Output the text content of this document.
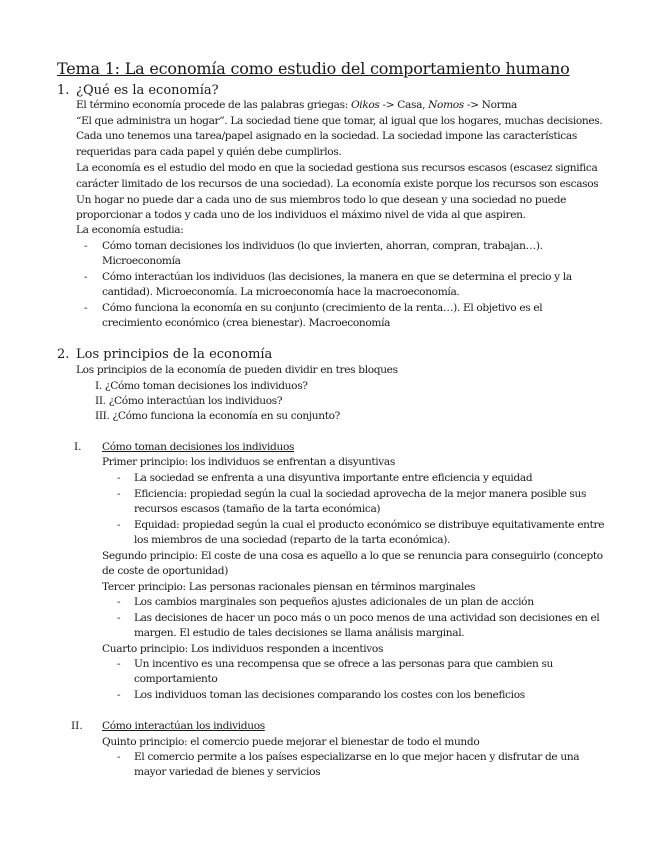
Tema 1: La economía como estudio del comportamiento humano
1. ¿Qué es la economía?
El término economía procede de las palabras griegas: Oikos -> Casa, Nomos -> Norma
“El que administra un hogar”. La sociedad tiene que tomar, al igual que los hogares, muchas decisiones.
Cada uno tenemos una tarea/papel asignado en la sociedad. La sociedad impone las características
requeridas para cada papel y quién debe cumplirlos.
La economía es el estudio del modo en que la sociedad gestiona sus recursos escasos (escasez significa
carácter limitado de los recursos de una sociedad). La economía existe porque los recursos son escasos
Un hogar no puede dar a cada uno de sus miembros todo lo que desean y una sociedad no puede
proporcionar a todos y cada uno de los individuos el máximo nivel de vida al que aspiren.
La economía estudia:
- Cómo toman decisiones los individuos (lo que invierten, ahorran, compran, trabajan…).
Microeconomía
- Cómo interactúan los individuos (las decisiones, la manera en que se determina el precio y la
cantidad). Microeconomía. La microeconomía hace la macroeconomía.
- Cómo funciona la economía en su conjunto (crecimiento de la renta…). El objetivo es el
crecimiento económico (crea bienestar). Macroeconomía
2. Los principios de la economía
Los principios de la economía de pueden dividir en tres bloques
I. ¿Cómo toman decisiones los individuos?
II. ¿Cómo interactúan los individuos?
III. ¿Cómo funciona la economía en su conjunto?
I. Cómo toman decisiones los individuos
Primer principio: los individuos se enfrentan a disyuntivas
- La sociedad se enfrenta a una disyuntiva importante entre eficiencia y equidad
- Eficiencia: propiedad según la cual la sociedad aprovecha de la mejor manera posible sus
recursos escasos (tamaño de la tarta económica)
- Equidad: propiedad según la cual el producto económico se distribuye equitativamente entre
los miembros de una sociedad (reparto de la tarta económica).
Segundo principio: El coste de una cosa es aquello a lo que se renuncia para conseguirlo (concepto
de coste de oportunidad)
Tercer principio: Las personas racionales piensan en términos marginales
- Los cambios marginales son pequeños ajustes adicionales de un plan de acción
- Las decisiones de hacer un poco más o un poco menos de una actividad son decisiones en el
margen. El estudio de tales decisiones se llama análisis marginal.
Cuarto principio: Los individuos responden a incentivos
- Un incentivo es una recompensa que se ofrece a las personas para que cambien su
comportamiento
- Los individuos toman las decisiones comparando los costes con los beneficios
II. Cómo interactúan los individuos
Quinto principio: el comercio puede mejorar el bienestar de todo el mundo
- El comercio permite a los países especializarse en lo que mejor hacen y disfrutar de una
mayor variedad de bienes y servicios
